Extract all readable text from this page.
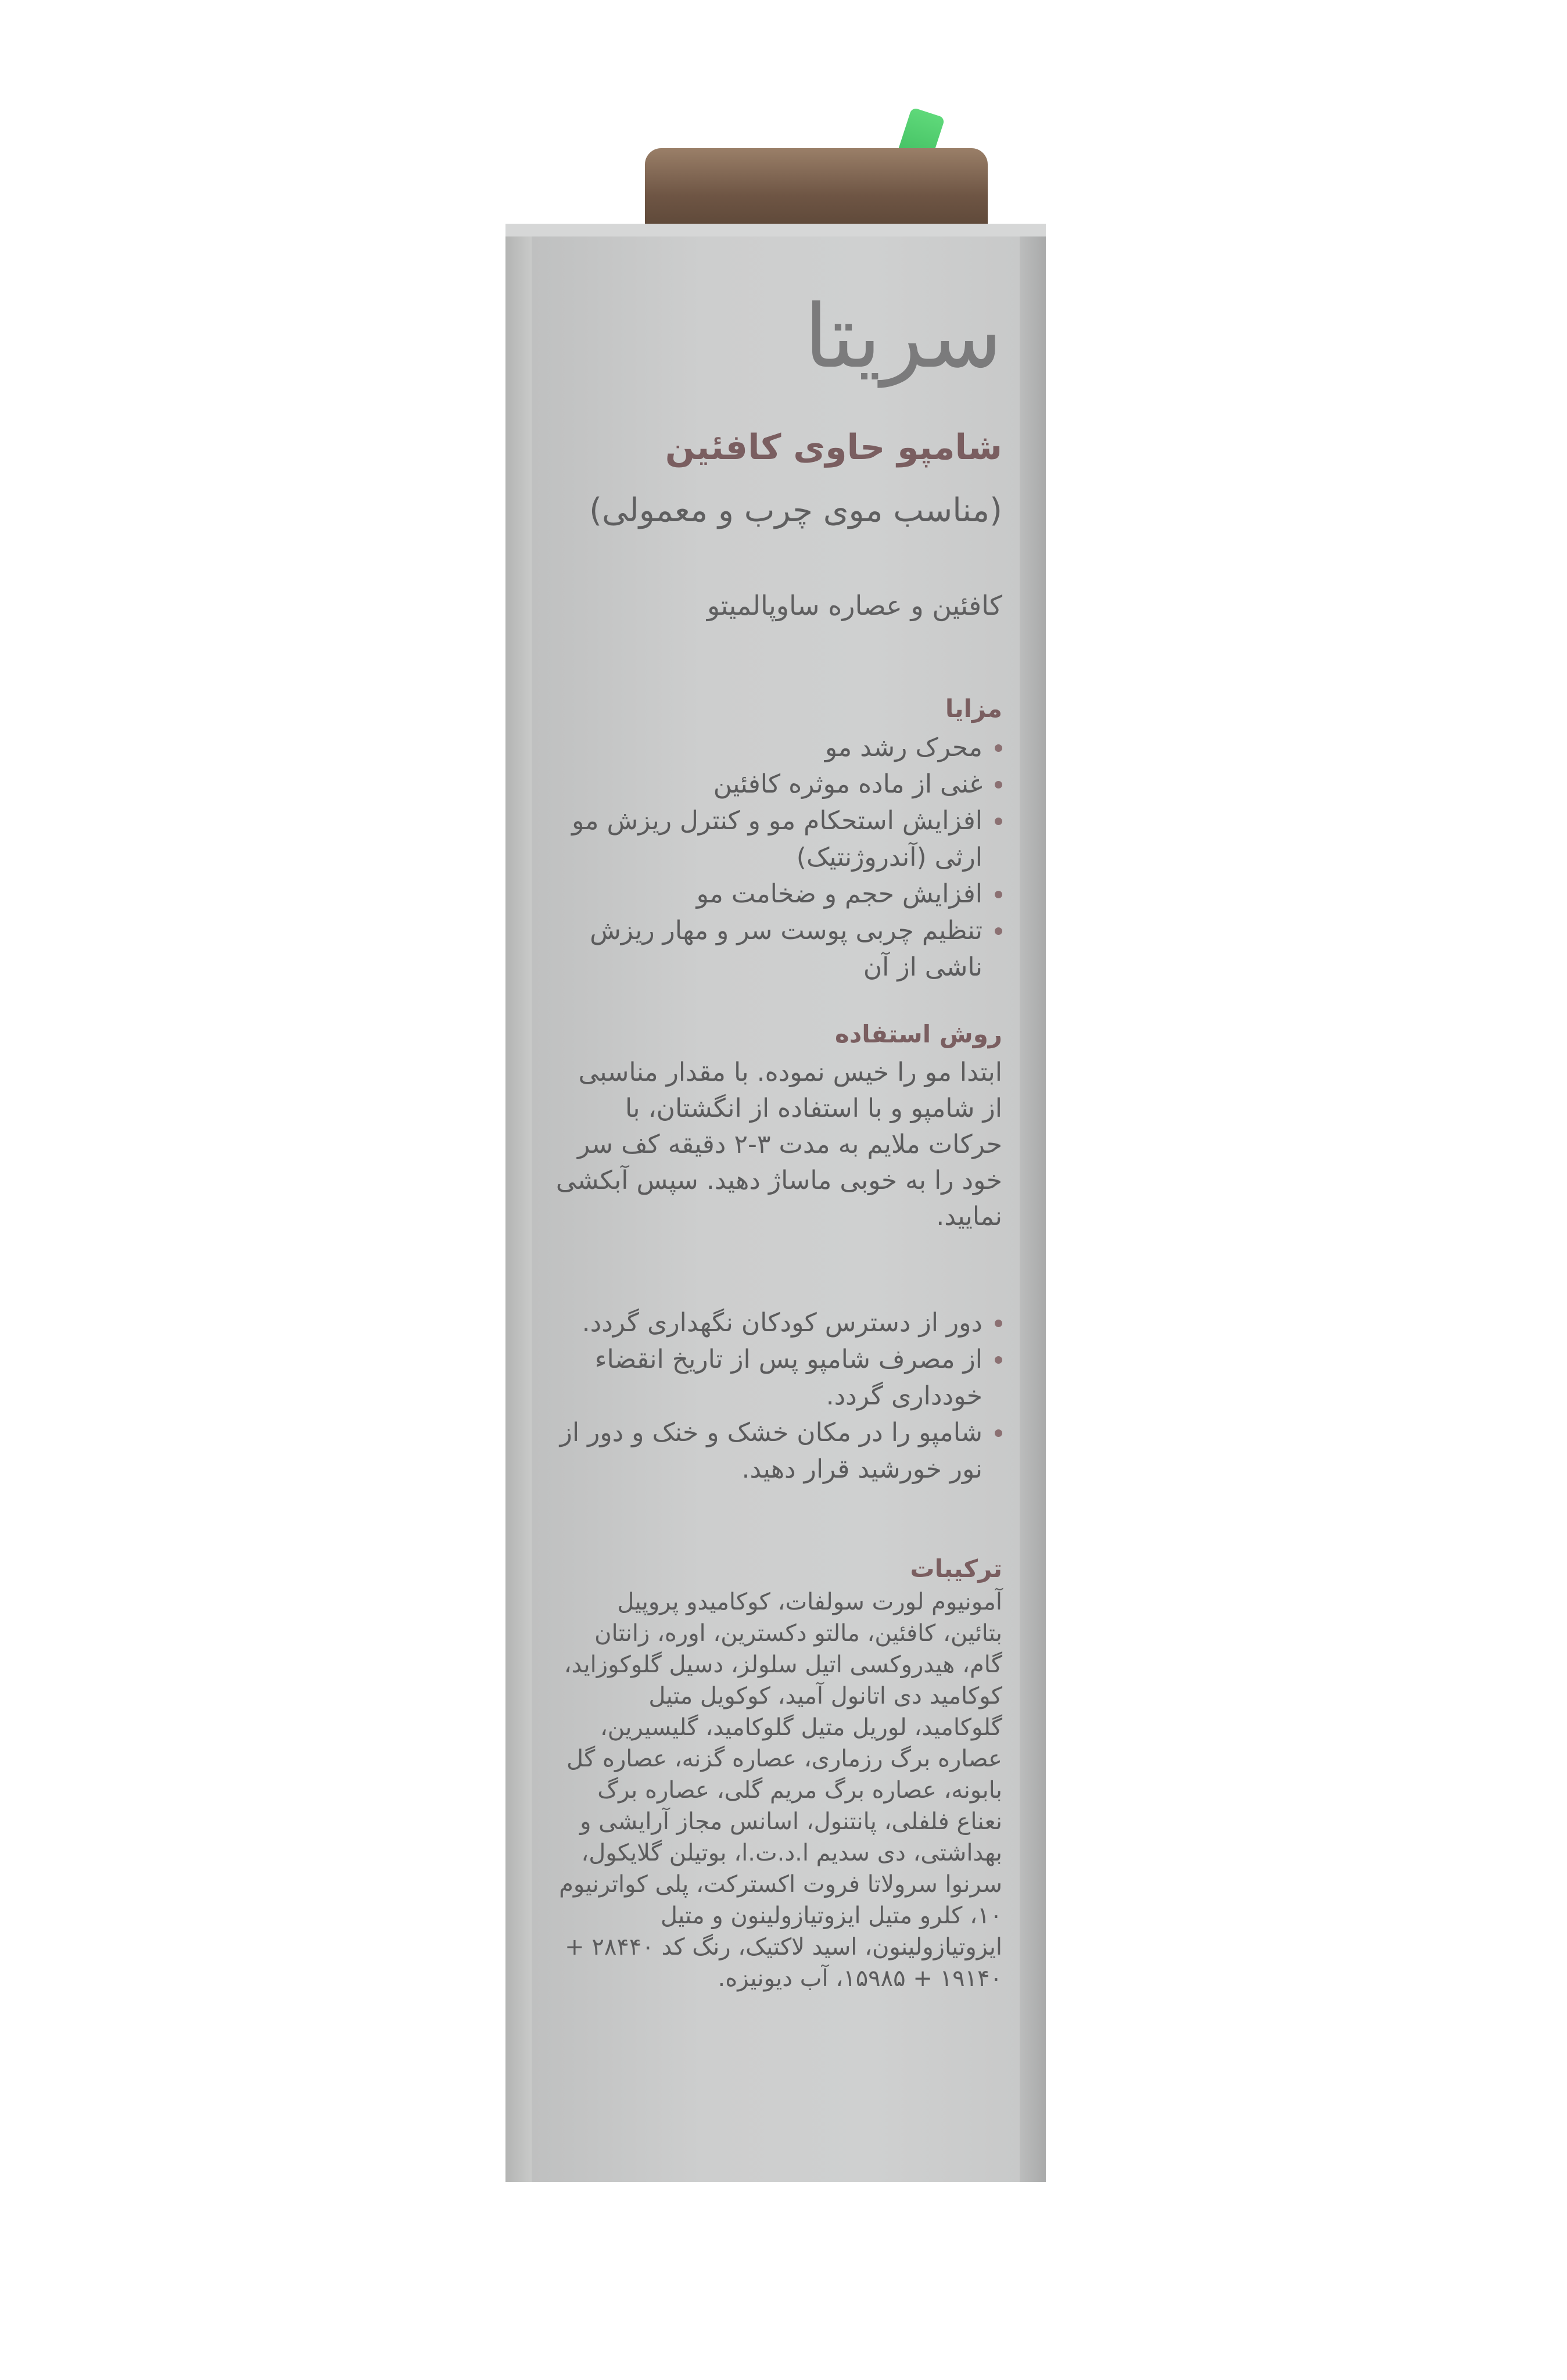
سریتا
شامپو حاوی کافئین
(مناسب موی چرب و معمولی)
کافئین و عصاره ساوپالمیتو
مزایا
محرک رشد مو
غنی از ماده موثره کافئین
افزایش استحکام مو و کنترل ریزش مو ارثی (آندروژنتیک)
افزایش حجم و ضخامت مو
تنظیم چربی پوست سر و مهار ریزش ناشی از آن
روش استفاده
ابتدا مو را خیس نموده. با مقدار مناسبی از شامپو و با استفاده از انگشتان، با حرکات ملایم به مدت ۳-۲ دقیقه کف سر خود را به خوبی ماساژ دهید. سپس آبکشی نمایید.
دور از دسترس کودکان نگهداری گردد.
از مصرف شامپو پس از تاریخ انقضاء خودداری گردد.
شامپو را در مکان خشک و خنک و دور از نور خورشید قرار دهید.
ترکیبات
آمونیوم لورت سولفات، کوکامیدو پروپیل بتائین، کافئین، مالتو دکسترین، اوره، زانتان گام، هیدروکسی اتیل سلولز، دسیل گلوکوزاید، کوکامید دی اتانول آمید، کوکویل متیل گلوکامید، لوریل متیل گلوکامید، گلیسیرین، عصاره برگ رزماری، عصاره گزنه، عصاره گل بابونه، عصاره برگ مریم گلی، عصاره برگ نعناع فلفلی، پانتنول، اسانس مجاز آرایشی و بهداشتی، دی سدیم ا.د.ت.ا، بوتیلن گلایکول، سرنوا سرولاتا فروت اکسترکت، پلی کواترنیوم ۱۰، کلرو متیل ایزوتیازولینون و متیل ایزوتیازولینون، اسید لاکتیک، رنگ کد ۲۸۴۴۰ + ۱۹۱۴۰ + ۱۵۹۸۵، آب دیونیزه.
